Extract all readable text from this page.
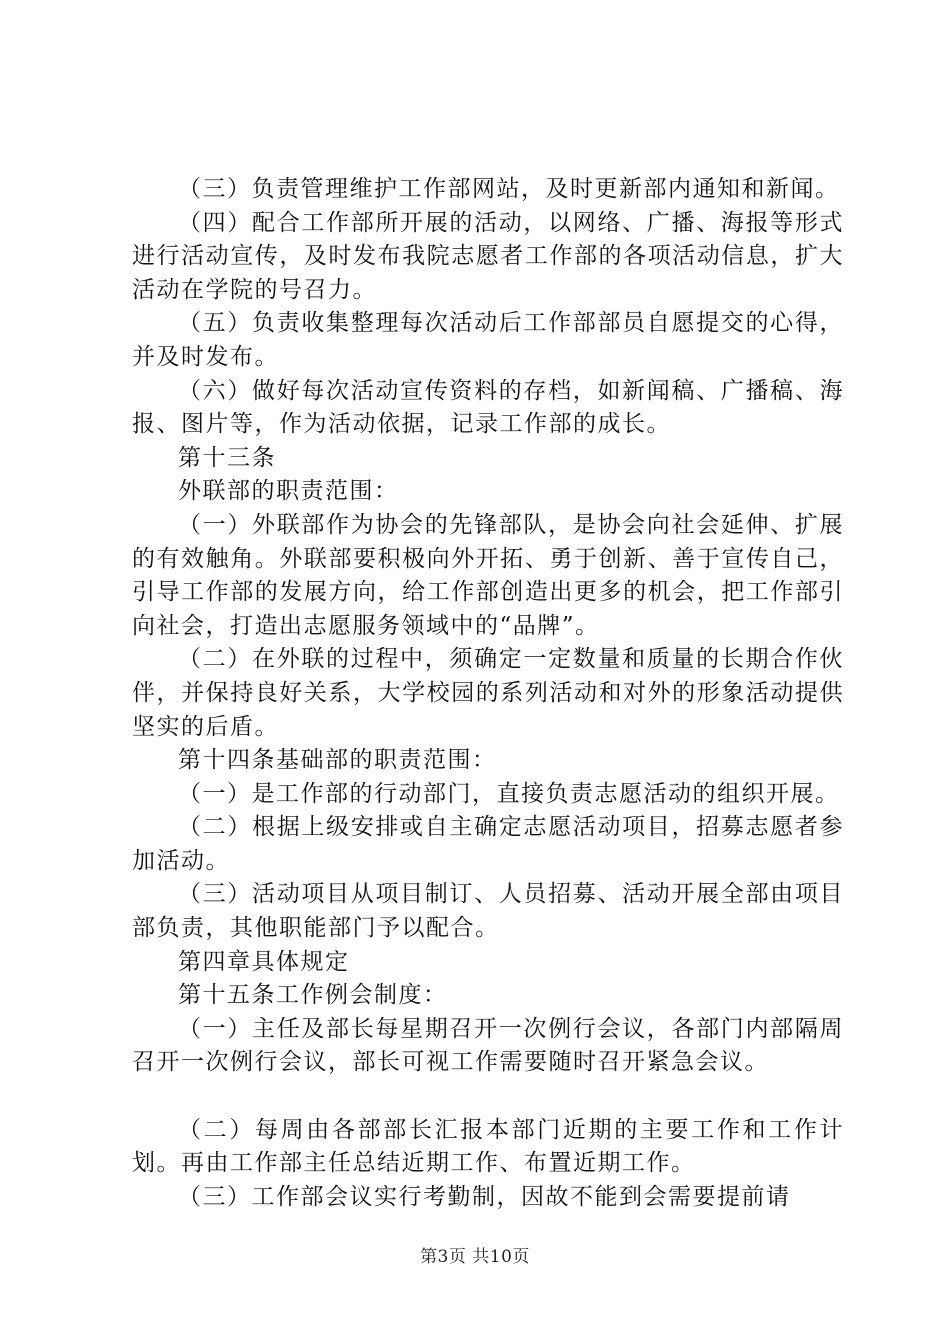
（三）负责管理维护工作部网站，及时更新部内通知和新闻。

（四）配合工作部所开展的活动，以网络、广播、海报等形式进行活动宣传，及时发布我院志愿者工作部的各项活动信息，扩大活动在学院的号召力。

（五）负责收集整理每次活动后工作部部员自愿提交的心得，并及时发布。

（六）做好每次活动宣传资料的存档，如新闻稿、广播稿、海报、图片等，作为活动依据，记录工作部的成长。

第十三条

外联部的职责范围：

（一）外联部作为协会的先锋部队，是协会向社会延伸、扩展的有效触角。外联部要积极向外开拓、勇于创新、善于宣传自己，引导工作部的发展方向，给工作部创造出更多的机会，把工作部引向社会，打造出志愿服务领域中的“品牌”。

（二）在外联的过程中，须确定一定数量和质量的长期合作伙伴，并保持良好关系，大学校园的系列活动和对外的形象活动提供坚实的后盾。

第十四条基础部的职责范围：

（一）是工作部的行动部门，直接负责志愿活动的组织开展。

（二）根据上级安排或自主确定志愿活动项目，招募志愿者参加活动。

（三）活动项目从项目制订、人员招募、活动开展全部由项目部负责，其他职能部门予以配合。

第四章具体规定

第十五条工作例会制度：

（一）主任及部长每星期召开一次例行会议，各部门内部隔周召开一次例行会议，部长可视工作需要随时召开紧急会议。

（二）每周由各部部长汇报本部门近期的主要工作和工作计划。再由工作部主任总结近期工作、布置近期工作。

（三）工作部会议实行考勤制，因故不能到会需要提前请

第3页 共10页
